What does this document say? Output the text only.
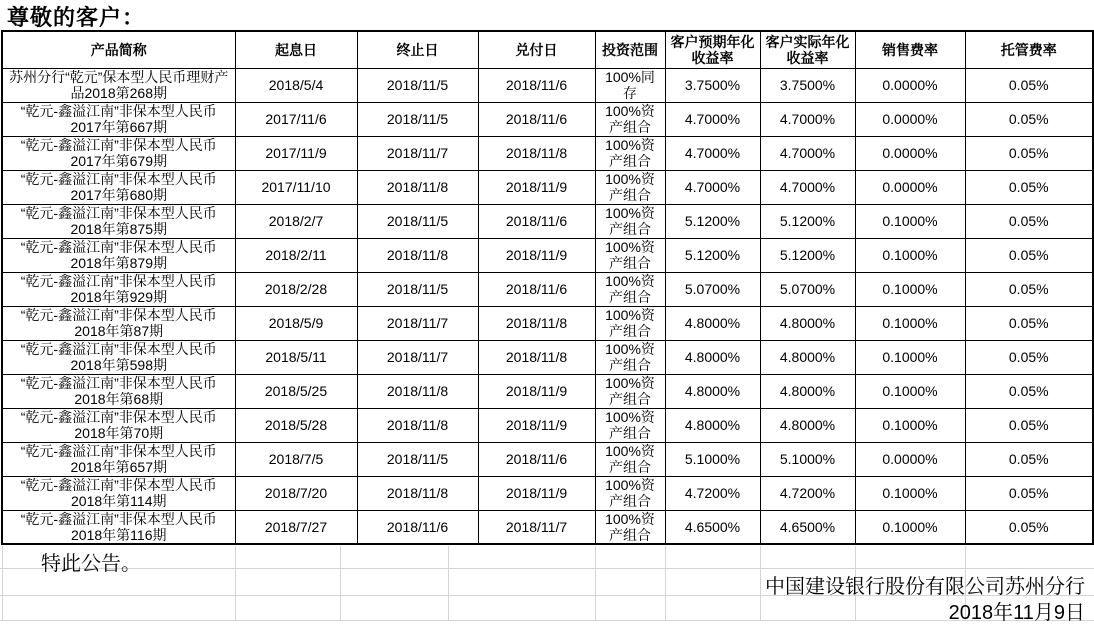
尊敬的客户：
产品简称	起息日	终止日	兑付日	投资范围	客户预期年化收益率	客户实际年化收益率	销售费率	托管费率
苏州分行“乾元”保本型人民币理财产品2018第268期	2018/5/4	2018/11/5	2018/11/6	100%同存	3.7500%	3.7500%	0.0000%	0.05%
“乾元-鑫溢江南”非保本型人民币2017年第667期	2017/11/6	2018/11/5	2018/11/6	100%资产组合	4.7000%	4.7000%	0.0000%	0.05%
“乾元-鑫溢江南”非保本型人民币2017年第679期	2017/11/9	2018/11/7	2018/11/8	100%资产组合	4.7000%	4.7000%	0.0000%	0.05%
“乾元-鑫溢江南”非保本型人民币2017年第680期	2017/11/10	2018/11/8	2018/11/9	100%资产组合	4.7000%	4.7000%	0.0000%	0.05%
“乾元-鑫溢江南”非保本型人民币2018年第875期	2018/2/7	2018/11/5	2018/11/6	100%资产组合	5.1200%	5.1200%	0.1000%	0.05%
“乾元-鑫溢江南”非保本型人民币2018年第879期	2018/2/11	2018/11/8	2018/11/9	100%资产组合	5.1200%	5.1200%	0.1000%	0.05%
“乾元-鑫溢江南”非保本型人民币2018年第929期	2018/2/28	2018/11/5	2018/11/6	100%资产组合	5.0700%	5.0700%	0.1000%	0.05%
“乾元-鑫溢江南”非保本型人民币2018年第87期	2018/5/9	2018/11/7	2018/11/8	100%资产组合	4.8000%	4.8000%	0.1000%	0.05%
“乾元-鑫溢江南”非保本型人民币2018年第598期	2018/5/11	2018/11/7	2018/11/8	100%资产组合	4.8000%	4.8000%	0.1000%	0.05%
“乾元-鑫溢江南”非保本型人民币2018年第68期	2018/5/25	2018/11/8	2018/11/9	100%资产组合	4.8000%	4.8000%	0.1000%	0.05%
“乾元-鑫溢江南”非保本型人民币2018年第70期	2018/5/28	2018/11/8	2018/11/9	100%资产组合	4.8000%	4.8000%	0.1000%	0.05%
“乾元-鑫溢江南”非保本型人民币2018年第657期	2018/7/5	2018/11/5	2018/11/6	100%资产组合	5.1000%	5.1000%	0.0000%	0.05%
“乾元-鑫溢江南”非保本型人民币2018年第114期	2018/7/20	2018/11/8	2018/11/9	100%资产组合	4.7200%	4.7200%	0.1000%	0.05%
“乾元-鑫溢江南”非保本型人民币2018年第116期	2018/7/27	2018/11/6	2018/11/7	100%资产组合	4.6500%	4.6500%	0.1000%	0.05%
特此公告。
中国建设银行股份有限公司苏州分行
2018年11月9日
